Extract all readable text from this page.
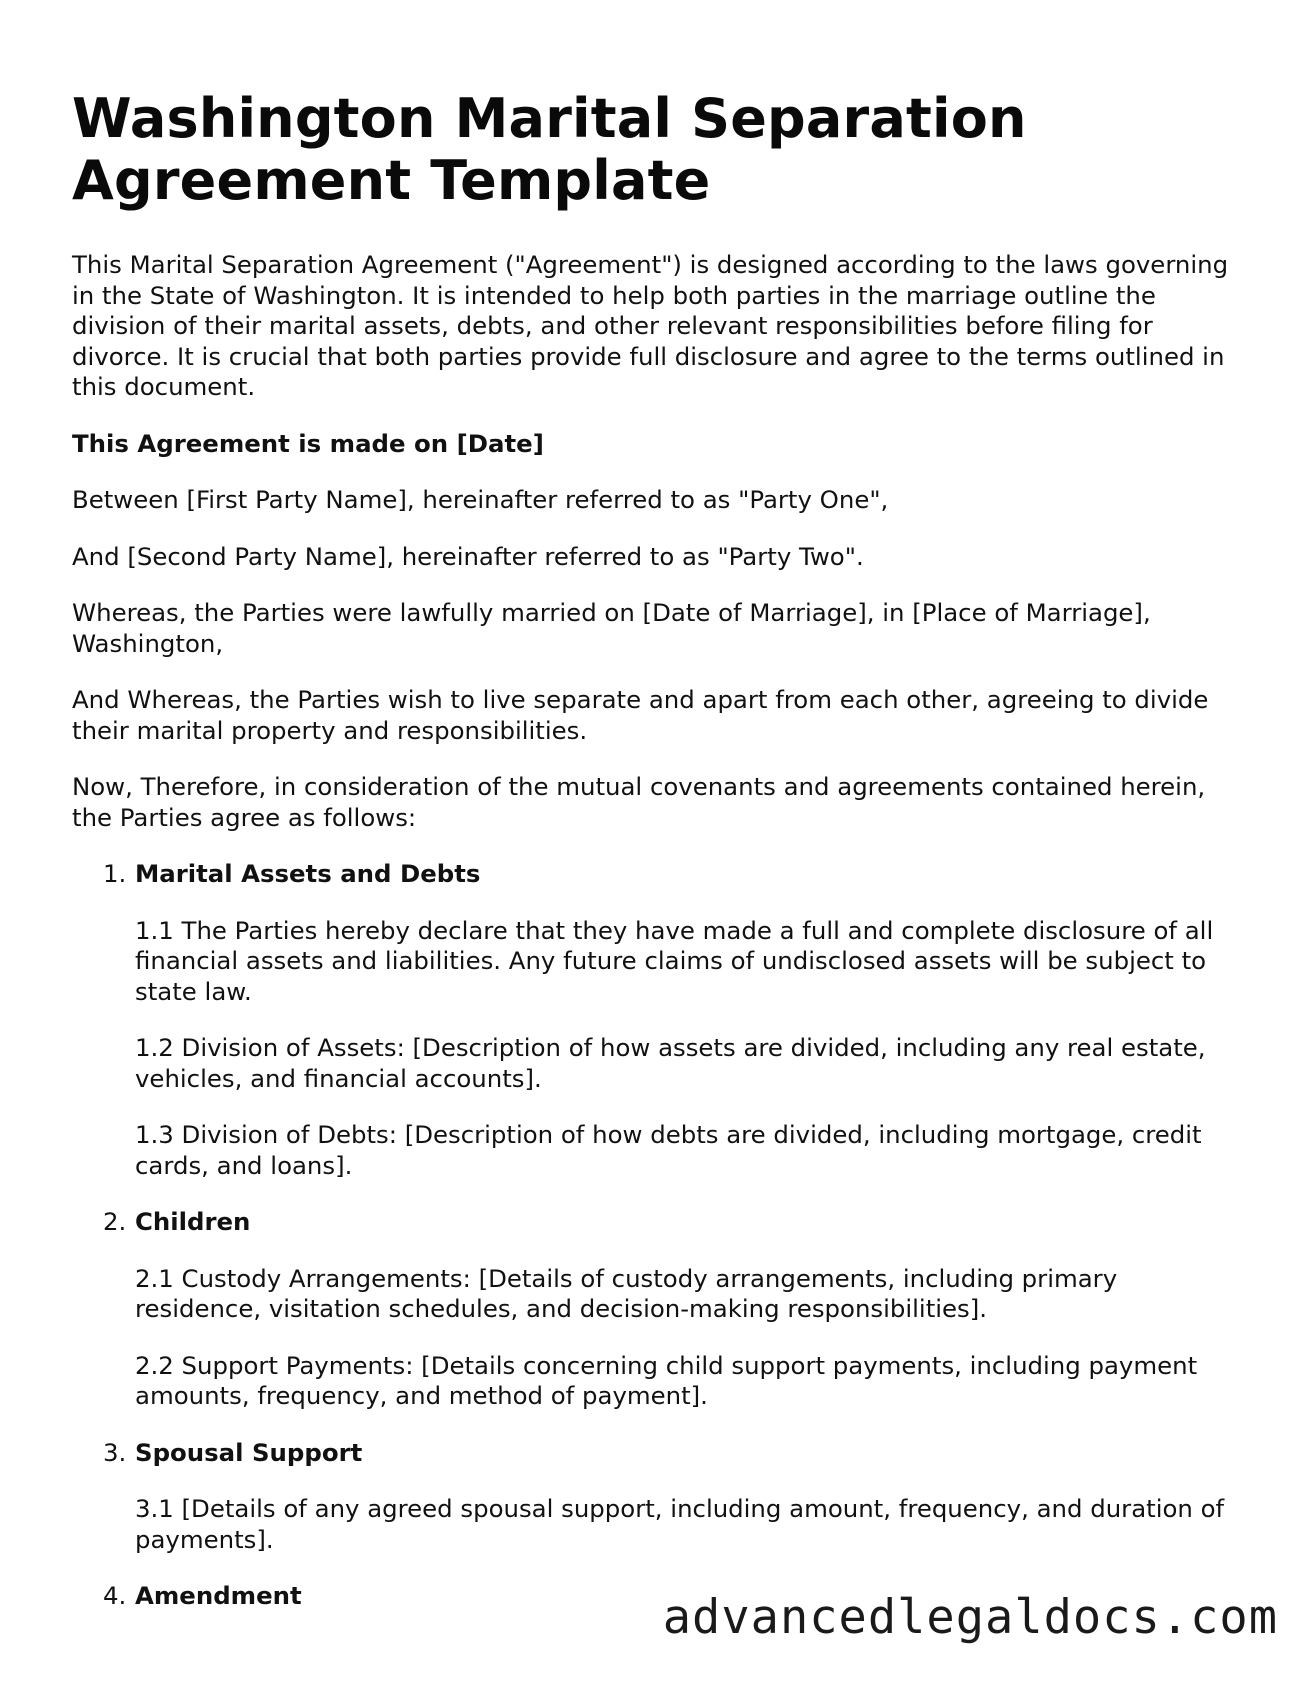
Washington Marital Separation Agreement Template

This Marital Separation Agreement ("Agreement") is designed according to the laws governing in the State of Washington. It is intended to help both parties in the marriage outline the division of their marital assets, debts, and other relevant responsibilities before filing for divorce. It is crucial that both parties provide full disclosure and agree to the terms outlined in this document.

This Agreement is made on [Date]

Between [First Party Name], hereinafter referred to as "Party One",

And [Second Party Name], hereinafter referred to as "Party Two".

Whereas, the Parties were lawfully married on [Date of Marriage], in [Place of Marriage], Washington,

And Whereas, the Parties wish to live separate and apart from each other, agreeing to divide their marital property and responsibilities.

Now, Therefore, in consideration of the mutual covenants and agreements contained herein, the Parties agree as follows:

1. Marital Assets and Debts

1.1 The Parties hereby declare that they have made a full and complete disclosure of all financial assets and liabilities. Any future claims of undisclosed assets will be subject to state law.

1.2 Division of Assets: [Description of how assets are divided, including any real estate, vehicles, and financial accounts].

1.3 Division of Debts: [Description of how debts are divided, including mortgage, credit cards, and loans].

2. Children

2.1 Custody Arrangements: [Details of custody arrangements, including primary residence, visitation schedules, and decision-making responsibilities].

2.2 Support Payments: [Details concerning child support payments, including payment amounts, frequency, and method of payment].

3. Spousal Support

3.1 [Details of any agreed spousal support, including amount, frequency, and duration of payments].

4. Amendment	advancedlegaldocs.com
